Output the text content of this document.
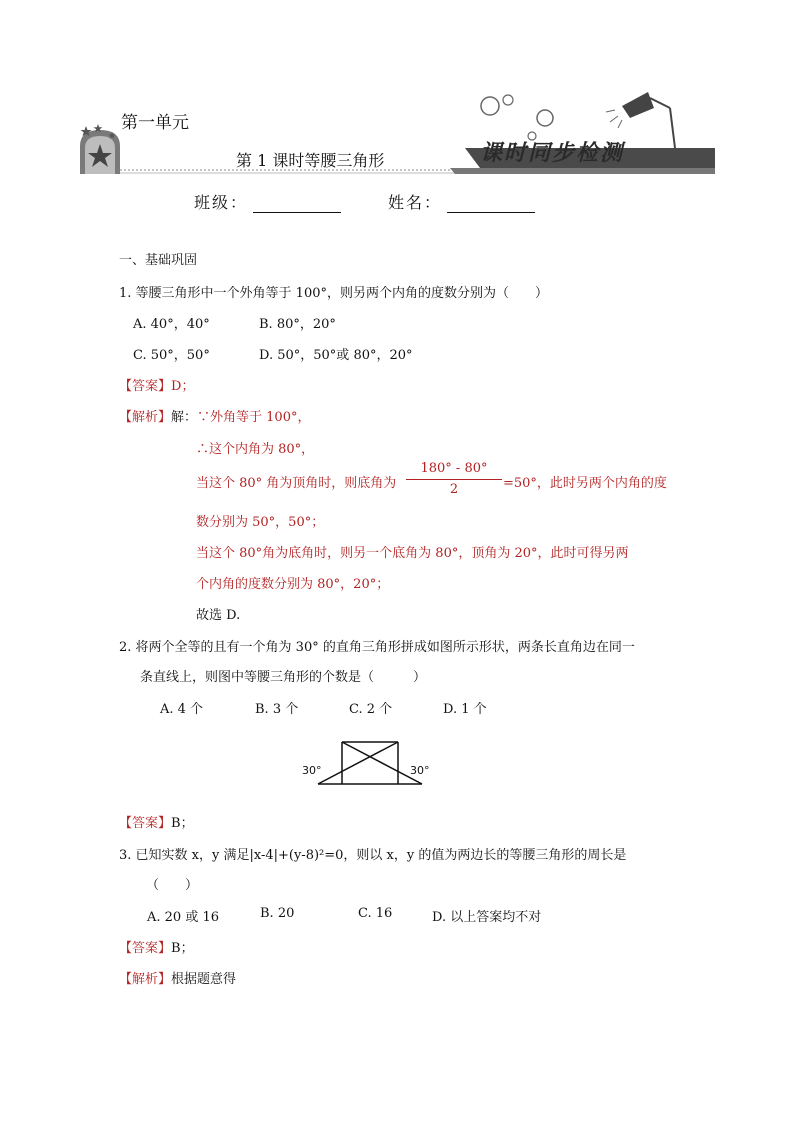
第一单元
第 1 课时等腰三角形	课时同步检测
班级：	姓名：
一、基础巩固
1. 等腰三角形中一个外角等于 100°，则另两个内角的度数分别为（　　）
A. 40°，40°	B. 80°，20°
C. 50°，50°	D. 50°，50°或 80°，20°
【答案】D；
【解析】解：∵外角等于 100°，
∴这个内角为 80°，
当这个 80° 角为顶角时，则底角为
180° - 80°
2	=50°，此时另两个内角的度
数分别为 50°，50°；
当这个 80°角为底角时，则另一个底角为 80°，顶角为 20°，此时可得另两
个内角的度数分别为 80°，20°；
故选 D.
2. 将两个全等的且有一个角为 30° 的直角三角形拼成如图所示形状，两条长直角边在同一
条直线上，则图中等腰三角形的个数是（　　　）
A. 4 个	B. 3 个	C. 2 个	D. 1 个
30°	30°
【答案】B；
3. 已知实数 x，y 满足|x-4|+(y-8)²=0，则以 x，y 的值为两边长的等腰三角形的周长是
（　　）
A. 20 或 16	B. 20	C. 16	D. 以上答案均不对
【答案】B；
【解析】根据题意得
